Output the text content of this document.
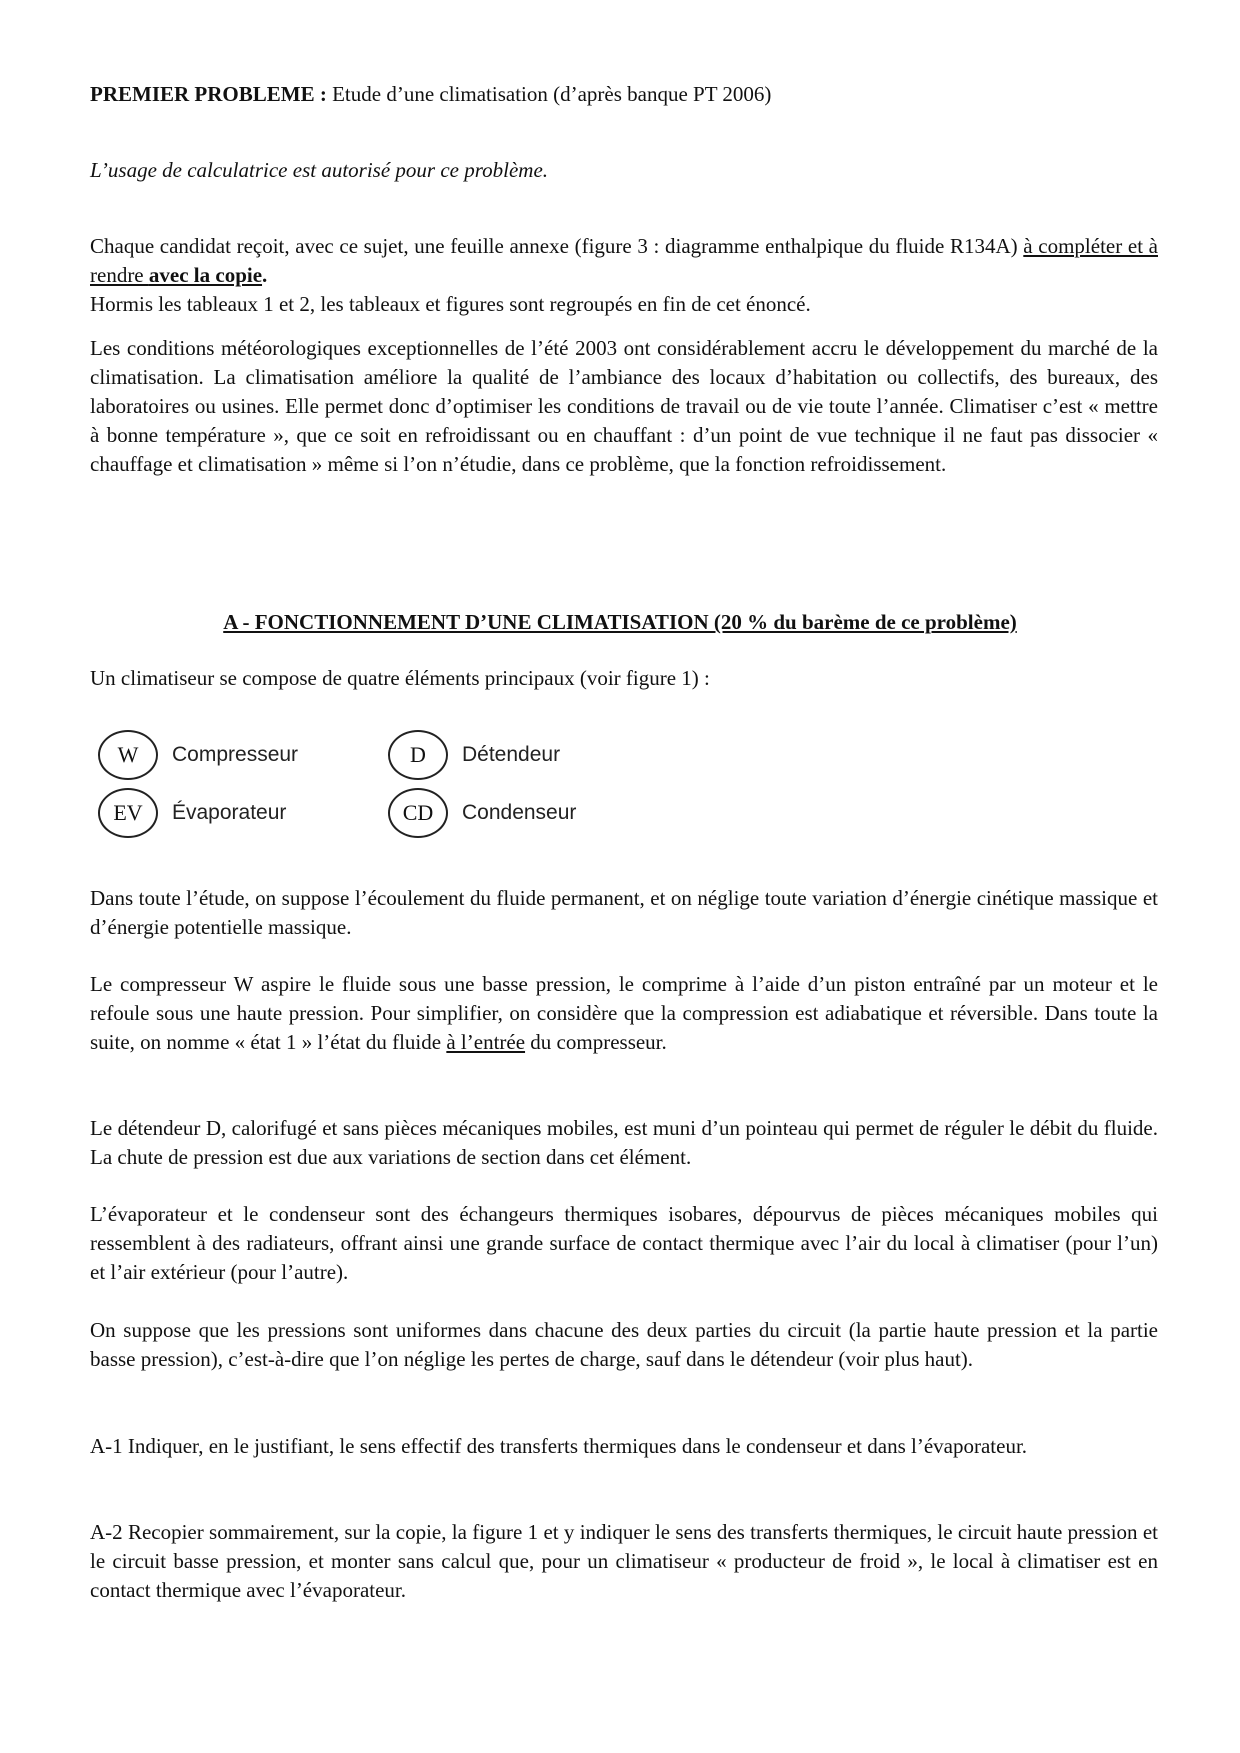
PREMIER PROBLEME : Etude d’une climatisation (d’après banque PT 2006)
L’usage de calculatrice est autorisé pour ce problème.
Chaque candidat reçoit, avec ce sujet, une feuille annexe (figure 3 : diagramme enthalpique du fluide R134A) à compléter et à rendre avec la copie.
Hormis les tableaux 1 et 2, les tableaux et figures sont regroupés en fin de cet énoncé.
Les conditions météorologiques exceptionnelles de l’été 2003 ont considérablement accru le développement du marché de la climatisation. La climatisation améliore la qualité de l’ambiance des locaux d’habitation ou collectifs, des bureaux, des laboratoires ou usines. Elle permet donc d’optimiser les conditions de travail ou de vie toute l’année. Climatiser c’est « mettre à bonne température », que ce soit en refroidissant ou en chauffant : d’un point de vue technique il ne faut pas dissocier « chauffage et climatisation » même si l’on n’étudie, dans ce problème, que la fonction refroidissement.
A - FONCTIONNEMENT D’UNE CLIMATISATION (20 % du barème de ce problème)
Un climatiseur se compose de quatre éléments principaux (voir figure 1) :
W	Compresseur	D	Détendeur
EV	Évaporateur	CD	Condenseur
Dans toute l’étude, on suppose l’écoulement du fluide permanent, et on néglige toute variation d’énergie cinétique massique et d’énergie potentielle massique.
Le compresseur W aspire le fluide sous une basse pression, le comprime à l’aide d’un piston entraîné par un moteur et le refoule sous une haute pression. Pour simplifier, on considère que la compression est adiabatique et réversible. Dans toute la suite, on nomme « état 1 » l’état du fluide à l’entrée du compresseur.
Le détendeur D, calorifugé et sans pièces mécaniques mobiles, est muni d’un pointeau qui permet de réguler le débit du fluide. La chute de pression est due aux variations de section dans cet élément.
L’évaporateur et le condenseur sont des échangeurs thermiques isobares, dépourvus de pièces mécaniques mobiles qui ressemblent à des radiateurs, offrant ainsi une grande surface de contact thermique avec l’air du local à climatiser (pour l’un) et l’air extérieur (pour l’autre).
On suppose que les pressions sont uniformes dans chacune des deux parties du circuit (la partie haute pression et la partie basse pression), c’est-à-dire que l’on néglige les pertes de charge, sauf dans le détendeur (voir plus haut).
A-1 Indiquer, en le justifiant, le sens effectif des transferts thermiques dans le condenseur et dans l’évaporateur.
A-2 Recopier sommairement, sur la copie, la figure 1 et y indiquer le sens des transferts thermiques, le circuit haute pression et le circuit basse pression, et monter sans calcul que, pour un climatiseur « producteur de froid », le local à climatiser est en contact thermique avec l’évaporateur.
